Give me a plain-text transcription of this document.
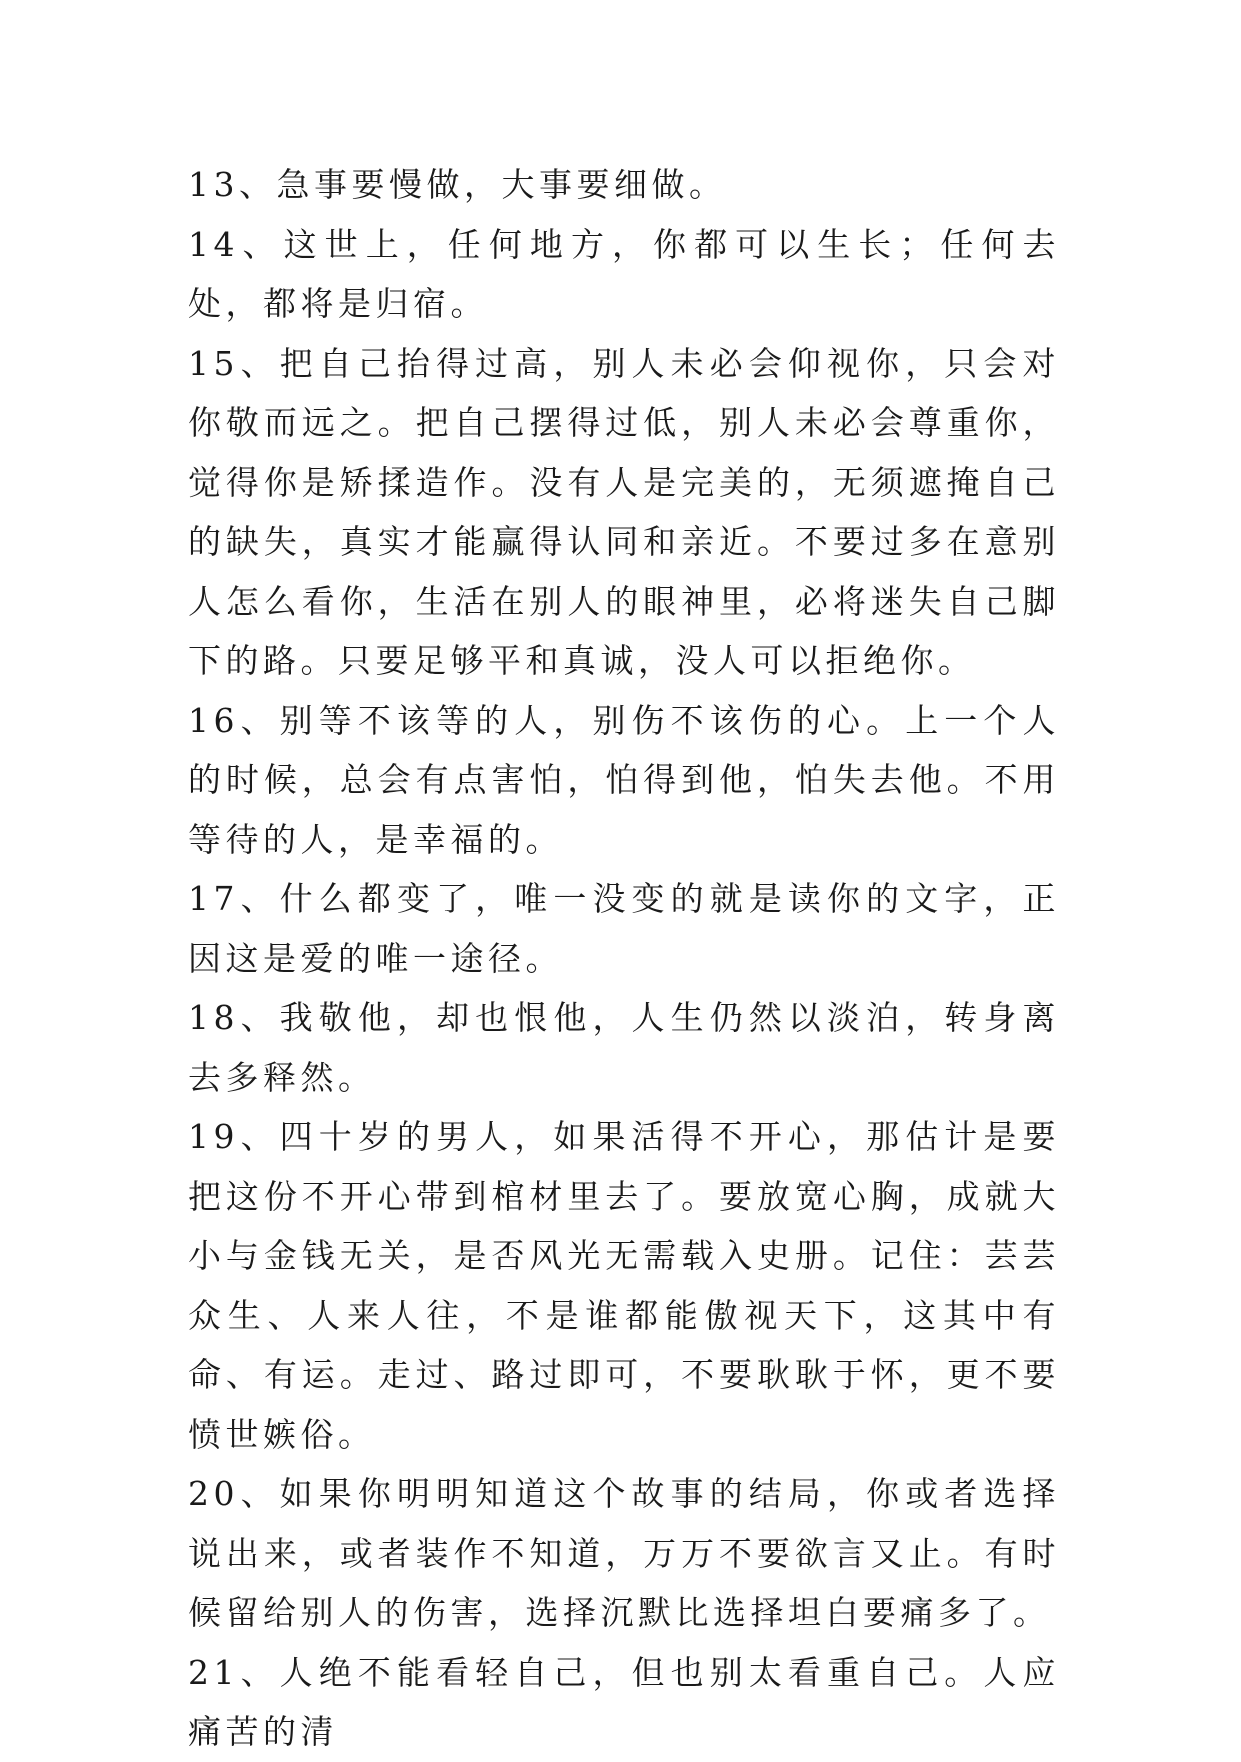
13、急事要慢做，大事要细做。

14、这世上，任何地方，你都可以生长；任何去处，都将是归宿。

15、把自己抬得过高，别人未必会仰视你，只会对你敬而远之。把自己摆得过低，别人未必会尊重你，觉得你是矫揉造作。没有人是完美的，无须遮掩自己的缺失，真实才能赢得认同和亲近。不要过多在意别人怎么看你，生活在别人的眼神里，必将迷失自己脚下的路。只要足够平和真诚，没人可以拒绝你。

16、别等不该等的人，别伤不该伤的心。上一个人的时候，总会有点害怕，怕得到他，怕失去他。不用等待的人，是幸福的。

17、什么都变了，唯一没变的就是读你的文字，正因这是爱的唯一途径。

18、我敬他，却也恨他，人生仍然以淡泊，转身离去多释然。

19、四十岁的男人，如果活得不开心，那估计是要把这份不开心带到棺材里去了。要放宽心胸，成就大小与金钱无关，是否风光无需载入史册。记住：芸芸众生、人来人往，不是谁都能傲视天下，这其中有命、有运。走过、路过即可，不要耿耿于怀，更不要愤世嫉俗。

20、如果你明明知道这个故事的结局，你或者选择说出来，或者装作不知道，万万不要欲言又止。有时候留给别人的伤害，选择沉默比选择坦白要痛多了。

21、人绝不能看轻自己，但也别太看重自己。人应痛苦的清
